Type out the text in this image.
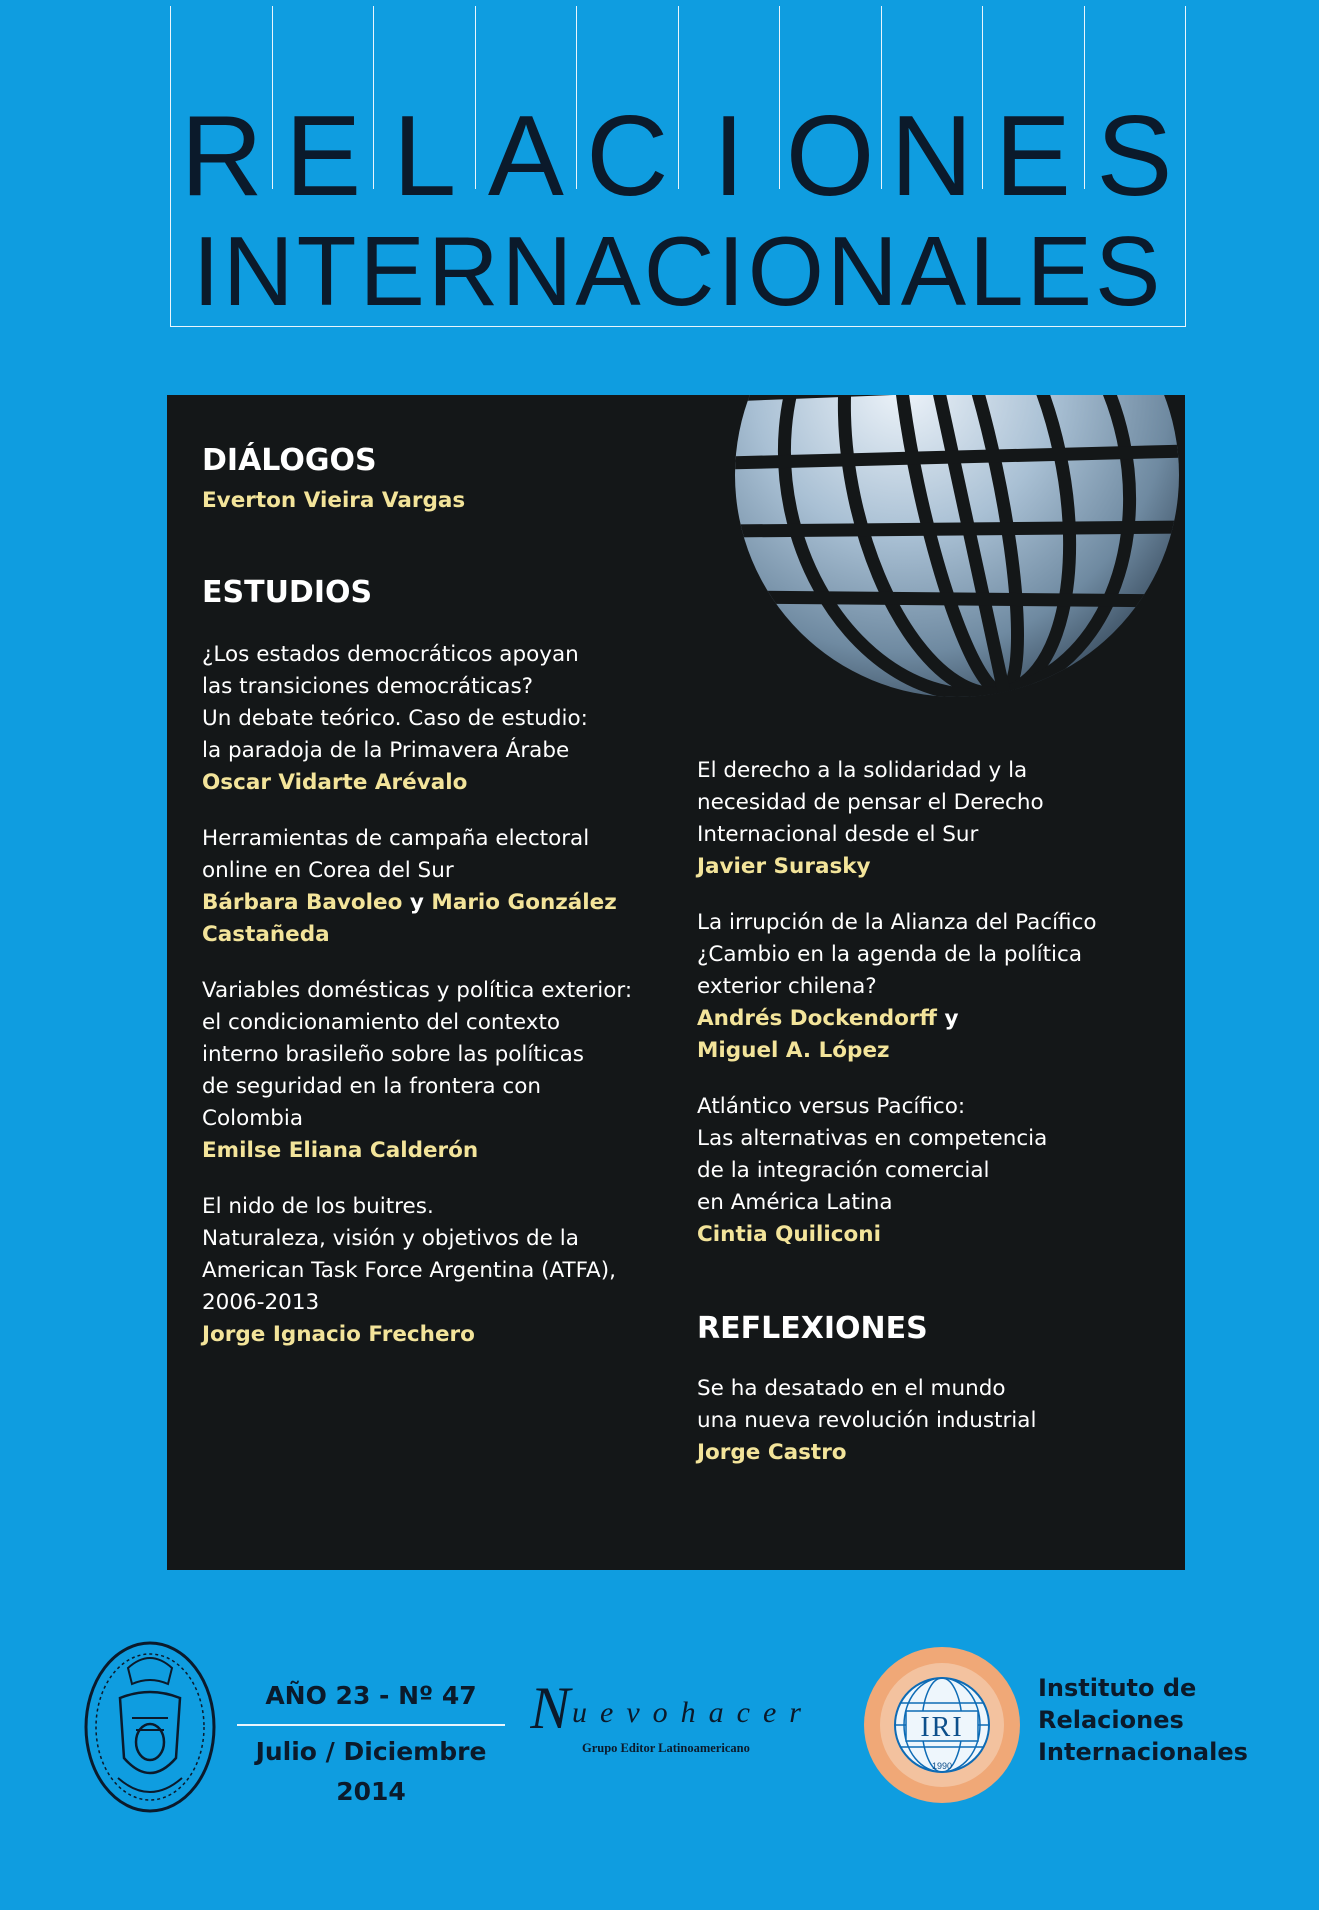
R E L A C I O N E S
INTERNACIONALES
DIÁLOGOS

Everton Vieira Vargas

ESTUDIOS

¿Los estados democráticos apoyan
las transiciones democráticas?
Un debate teórico. Caso de estudio:
la paradoja de la Primavera Árabe

Oscar Vidarte Arévalo

Herramientas de campaña electoral
online en Corea del Sur

Bárbara Bavoleo y Mario González
Castañeda

Variables domésticas y política exterior:
el condicionamiento del contexto
interno brasileño sobre las políticas
de seguridad en la frontera con
Colombia

Emilse Eliana Calderón

El nido de los buitres.
Naturaleza, visión y objetivos de la
American Task Force Argentina (ATFA),
2006-2013

Jorge Ignacio Frechero

El derecho a la solidaridad y la
necesidad de pensar el Derecho
Internacional desde el Sur

Javier Surasky

La irrupción de la Alianza del Pacífico
¿Cambio en la agenda de la política
exterior chilena?

Andrés Dockendorff y

Miguel A. López

Atlántico versus Pacífico:
Las alternativas en competencia
de la integración comercial
en América Latina

Cintia Quiliconi

REFLEXIONES

Se ha desatado en el mundo
una nueva revolución industrial

Jorge Castro

AÑO 23 - Nº 47
Julio / Diciembre 2014
N uevohacer
Grupo Editor Latinoamericano
IRI
1990
Instituto de
Relaciones
Internacionales
